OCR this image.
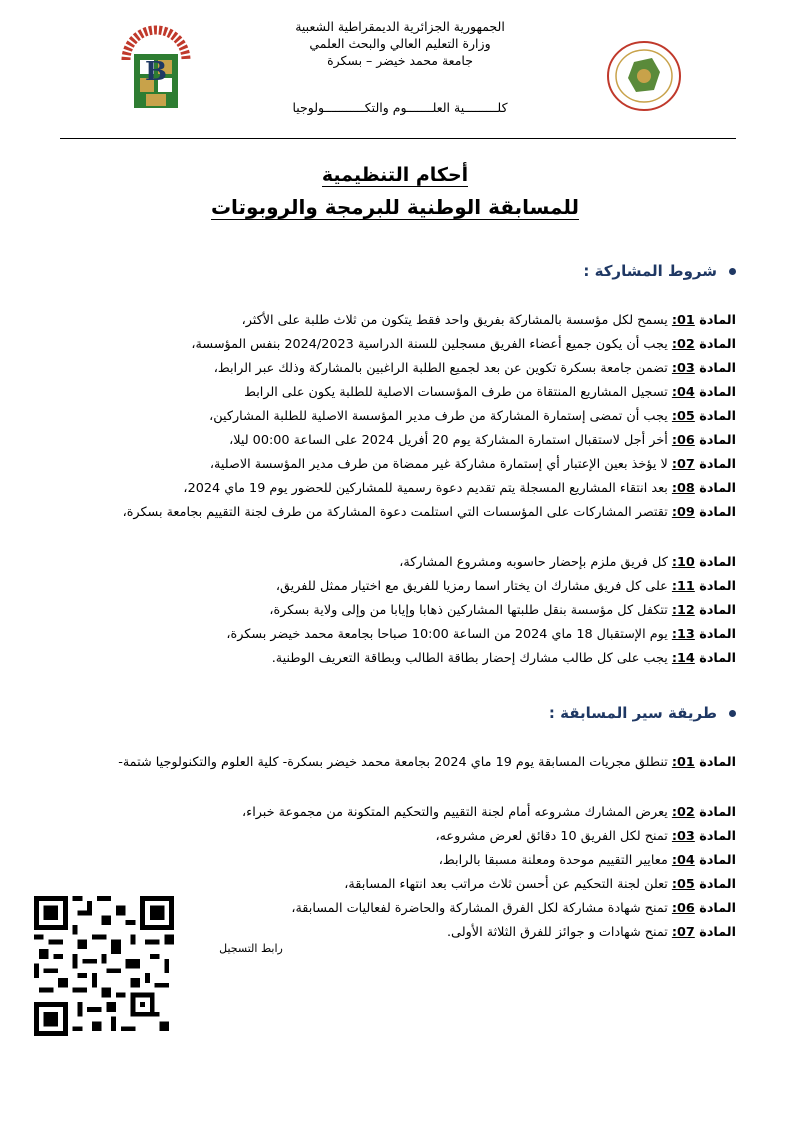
B
الجمهورية الجزائرية الديمقراطية الشعبية
وزارة التعليم العالي والبحث العلمي
جامعة محمد خيضر – بسكرة
كلـــــــــية العلـــــــوم والتكـــــــــــولوجيا
أحكام التنظيمية
للمسابقة الوطنية للبرمجة والروبوتات
شروط المشاركة :
المادة 01: يسمح لكل مؤسسة بالمشاركة بفريق واحد فقط يتكون من ثلاث طلبة على الأكثر،
المادة 02: يجب أن يكون جميع أعضاء الفريق مسجلين للسنة الدراسية 2024/2023 بنفس المؤسسة،
المادة 03: تضمن جامعة بسكرة تكوين عن بعد لجميع الطلبة الراغبين بالمشاركة وذلك عبر الرابط،
المادة 04: تسجيل المشاريع المنتقاة من طرف المؤسسات الاصلية للطلبة يكون على الرابط
المادة 05: يجب أن تمضى إستمارة المشاركة من طرف مدير المؤسسة الاصلية للطلبة المشاركين،
المادة 06: أخر أجل لاستقبال استمارة المشاركة يوم 20 أفريل 2024 على الساعة 00:00 ليلا،
المادة 07: لا يؤخذ بعين الإعتبار أي إستمارة مشاركة غير ممضاة من طرف مدير المؤسسة الاصلية،
المادة 08: بعد انتقاء المشاريع المسجلة يتم تقديم دعوة رسمية للمشاركين للحضور يوم 19 ماي 2024،
المادة 09: تقتصر المشاركات على المؤسسات التي استلمت دعوة المشاركة من طرف لجنة التقييم بجامعة بسكرة،
المادة 10: كل فريق ملزم بإحضار حاسوبه ومشروع المشاركة،
المادة 11: على كل فريق مشارك ان يختار اسما رمزيا للفريق مع اختيار ممثل للفريق،
المادة 12: تتكفل كل مؤسسة بنقل طلبتها المشاركين ذهابا وإيابا من وإلى ولاية بسكرة،
المادة 13: يوم الإستقبال 18 ماي 2024 من الساعة 10:00 صباحا بجامعة محمد خيضر بسكرة،
المادة 14: يجب على كل طالب مشارك إحضار بطاقة الطالب وبطاقة التعريف الوطنية.
طريقة سير المسابقة :
المادة 01: تنطلق مجريات المسابقة يوم 19 ماي 2024 بجامعة محمد خيضر بسكرة- كلية العلوم والتكنولوجيا شتمة-
المادة 02: يعرض المشارك مشروعه أمام لجنة التقييم والتحكيم المتكونة من مجموعة خبراء،
المادة 03: تمنح لكل الفريق 10 دقائق لعرض مشروعه،
المادة 04: معايير التقييم موحدة ومعلنة مسبقا بالرابط،
المادة 05: تعلن لجنة التحكيم عن أحسن ثلاث مراتب بعد انتهاء المسابقة،
المادة 06: تمنح شهادة مشاركة لكل الفرق المشاركة والحاضرة لفعاليات المسابقة،
المادة 07: تمنح شهادات و جوائز للفرق الثلاثة الأولى.
رابط التسجيل
